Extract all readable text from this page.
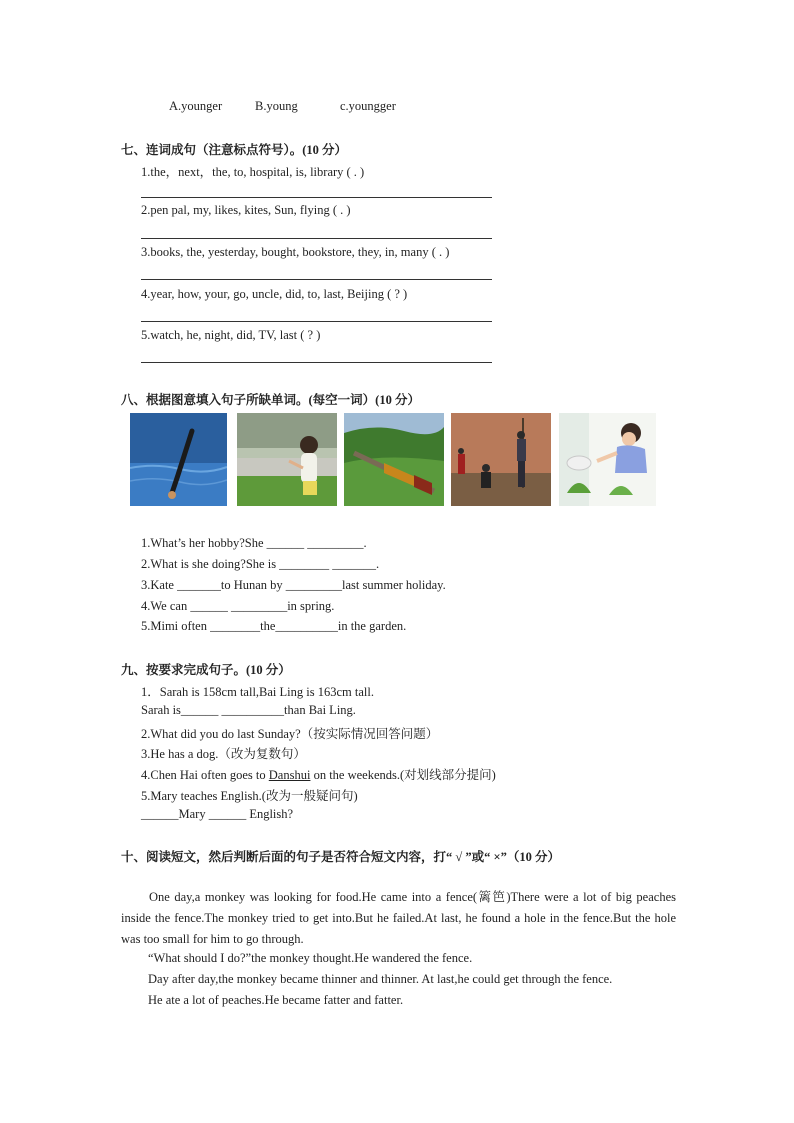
A.younger	B.young	c.youngger
七、连词成句（注意标点符号）。(10 分）
1.the，next，the, to, hospital, is, library ( . )
2.pen pal, my, likes, kites, Sun, flying ( . )
3.books, the, yesterday, bought, bookstore, they, in, many ( . )
4.year, how, your, go, uncle, did, to, last, Beijing ( ? )
5.watch, he, night, did, TV, last ( ? )
八、根据图意填入句子所缺单词。(每空一词）(10 分）
1.What’s her hobby?She ______ _________.
2.What is she doing?She is ________ _______.
3.Kate _______to Hunan by _________last summer holiday.
4.We can ______ _________in spring.
5.Mimi often ________the__________in the garden.
九、按要求完成句子。(10 分）
1．Sarah is 158cm tall,Bai Ling is 163cm tall.
Sarah is______ __________than Bai Ling.
2.What did you do last Sunday?（按实际情况回答问题）
3.He has a dog.（改为复数句）
4.Chen Hai often goes to Danshui on the weekends.(对划线部分提问)
5.Mary teaches English.(改为一般疑问句)
______Mary ______ English?
十、阅读短文，然后判断后面的句子是否符合短文内容，打“ √ ”或“ ×”（10 分）
One day,a monkey was looking for food.He came into a fence(篱笆)There were a lot of big peaches inside the fence.The monkey tried to get into.But he failed.At last, he found a hole in the fence.But the hole was too small for him to go through.
“What should I do?”the monkey thought.He wandered the fence.
Day after day,the monkey became thinner and thinner. At last,he could get through the fence.
He ate a lot of peaches.He became fatter and fatter.
